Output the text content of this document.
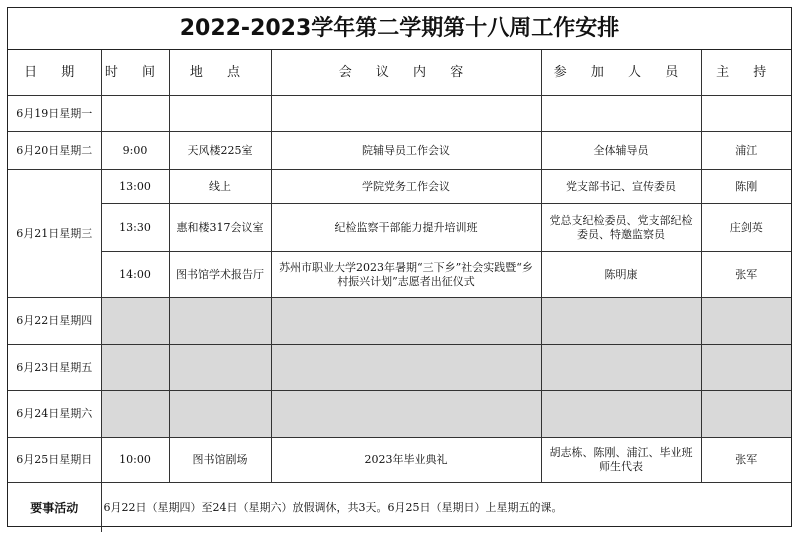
2022-2023学年第二学期第十八周工作安排
日 期	时 间	地 点	会 议 内 容	参 加 人 员	主 持
6月19日星期一					
6月20日星期二	9:00	天风楼225室	院辅导员工作会议	全体辅导员	浦江
6月21日星期三	13:00	线上	学院党务工作会议	党支部书记、宣传委员	陈刚
	13:30	惠和楼317会议室	纪检监察干部能力提升培训班	党总支纪检委员、党支部纪检委员、特邀监察员	庄剑英
	14:00	图书馆学术报告厅	苏州市职业大学2023年暑期“三下乡”社会实践暨“乡村振兴计划”志愿者出征仪式	陈明康	张军
6月22日星期四					
6月23日星期五					
6月24日星期六					
6月25日星期日	10:00	图书馆剧场	2023年毕业典礼	胡志栋、陈刚、浦江、毕业班师生代表	张军
要事活动	6月22日（星期四）至24日（星期六）放假调休，共3天。6月25日（星期日）上星期五的课。				
